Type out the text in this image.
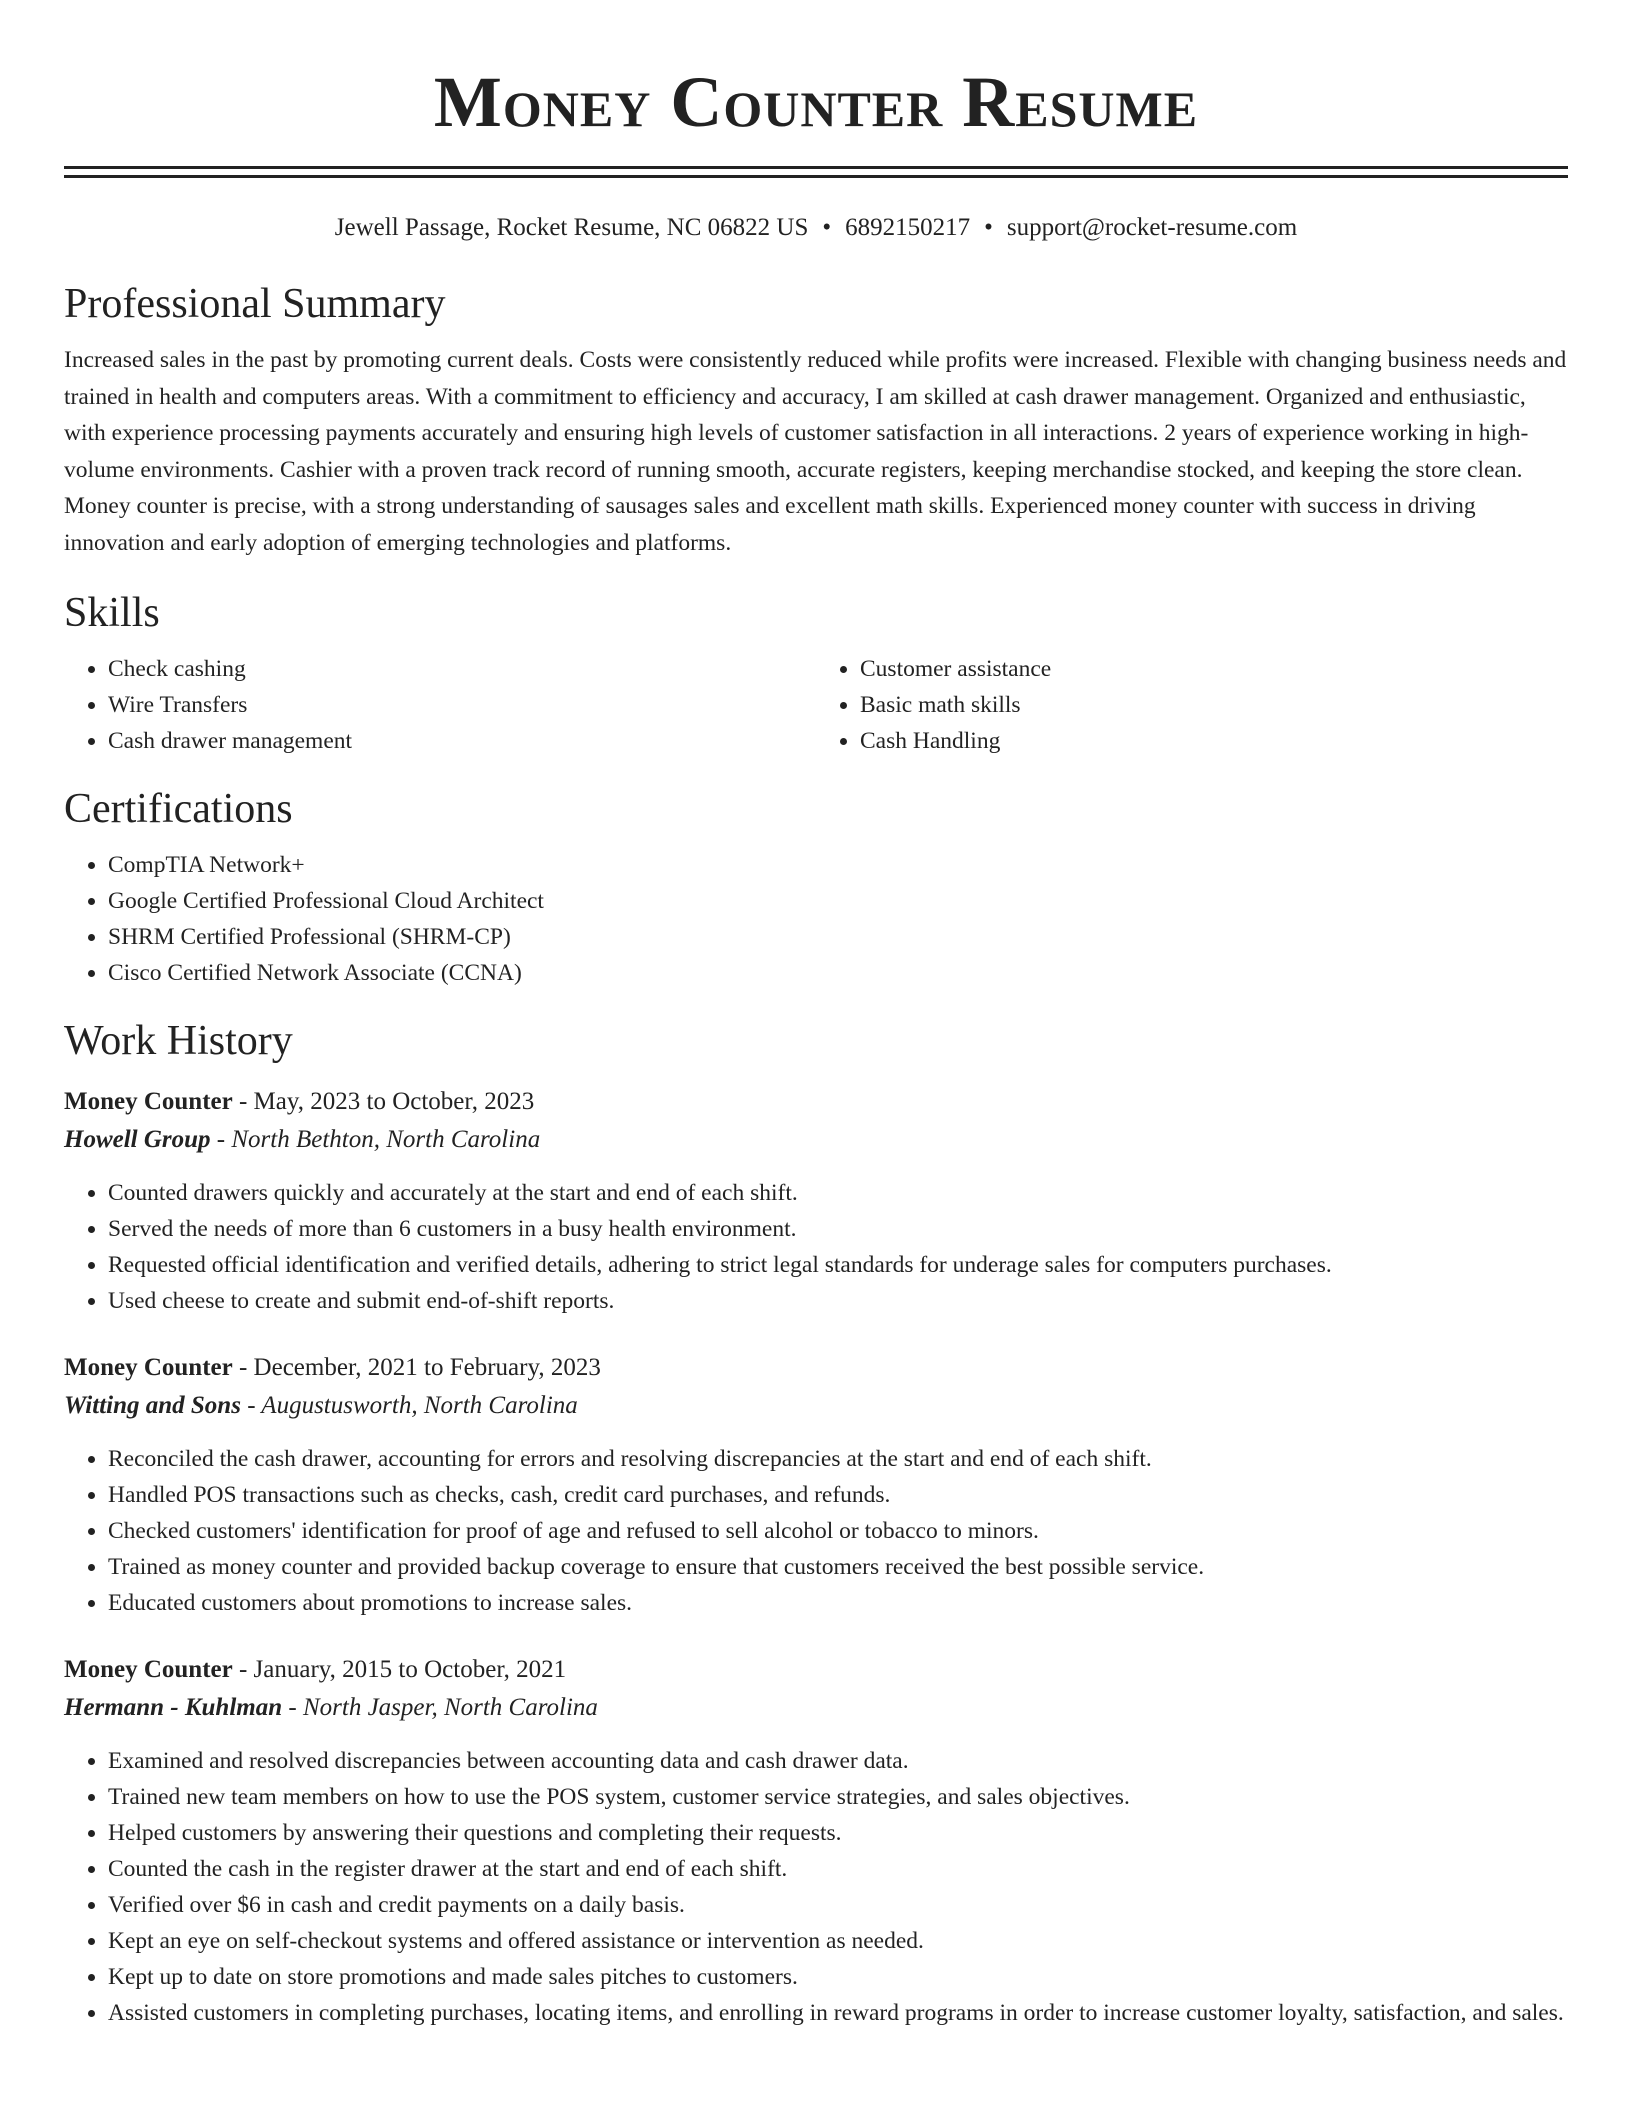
Money Counter Resume
Jewell Passage, Rocket Resume, NC 06822 US • 6892150217 • support@rocket-resume.com
Professional Summary

Increased sales in the past by promoting current deals. Costs were consistently reduced while profits were increased. Flexible with changing business needs and trained in health and computers areas. With a commitment to efficiency and accuracy, I am skilled at cash drawer management. Organized and enthusiastic, with experience processing payments accurately and ensuring high levels of customer satisfaction in all interactions. 2 years of experience working in high-volume environments. Cashier with a proven track record of running smooth, accurate registers, keeping merchandise stocked, and keeping the store clean. Money counter is precise, with a strong understanding of sausages sales and excellent math skills. Experienced money counter with success in driving innovation and early adoption of emerging technologies and platforms.

Skills
• Check cashing
• Wire Transfers
• Cash drawer management
• Customer assistance
• Basic math skills
• Cash Handling
Certifications
• CompTIA Network+
• Google Certified Professional Cloud Architect
• SHRM Certified Professional (SHRM-CP)
• Cisco Certified Network Associate (CCNA)
Work History
Money Counter - May, 2023 to October, 2023
Howell Group - North Bethton, North Carolina
• Counted drawers quickly and accurately at the start and end of each shift.
• Served the needs of more than 6 customers in a busy health environment.
• Requested official identification and verified details, adhering to strict legal standards for underage sales for computers purchases.
• Used cheese to create and submit end-of-shift reports.
Money Counter - December, 2021 to February, 2023
Witting and Sons - Augustusworth, North Carolina
• Reconciled the cash drawer, accounting for errors and resolving discrepancies at the start and end of each shift.
• Handled POS transactions such as checks, cash, credit card purchases, and refunds.
• Checked customers' identification for proof of age and refused to sell alcohol or tobacco to minors.
• Trained as money counter and provided backup coverage to ensure that customers received the best possible service.
• Educated customers about promotions to increase sales.
Money Counter - January, 2015 to October, 2021
Hermann - Kuhlman - North Jasper, North Carolina
• Examined and resolved discrepancies between accounting data and cash drawer data.
• Trained new team members on how to use the POS system, customer service strategies, and sales objectives.
• Helped customers by answering their questions and completing their requests.
• Counted the cash in the register drawer at the start and end of each shift.
• Verified over $6 in cash and credit payments on a daily basis.
• Kept an eye on self-checkout systems and offered assistance or intervention as needed.
• Kept up to date on store promotions and made sales pitches to customers.
• Assisted customers in completing purchases, locating items, and enrolling in reward programs in order to increase customer loyalty, satisfaction, and sales.
